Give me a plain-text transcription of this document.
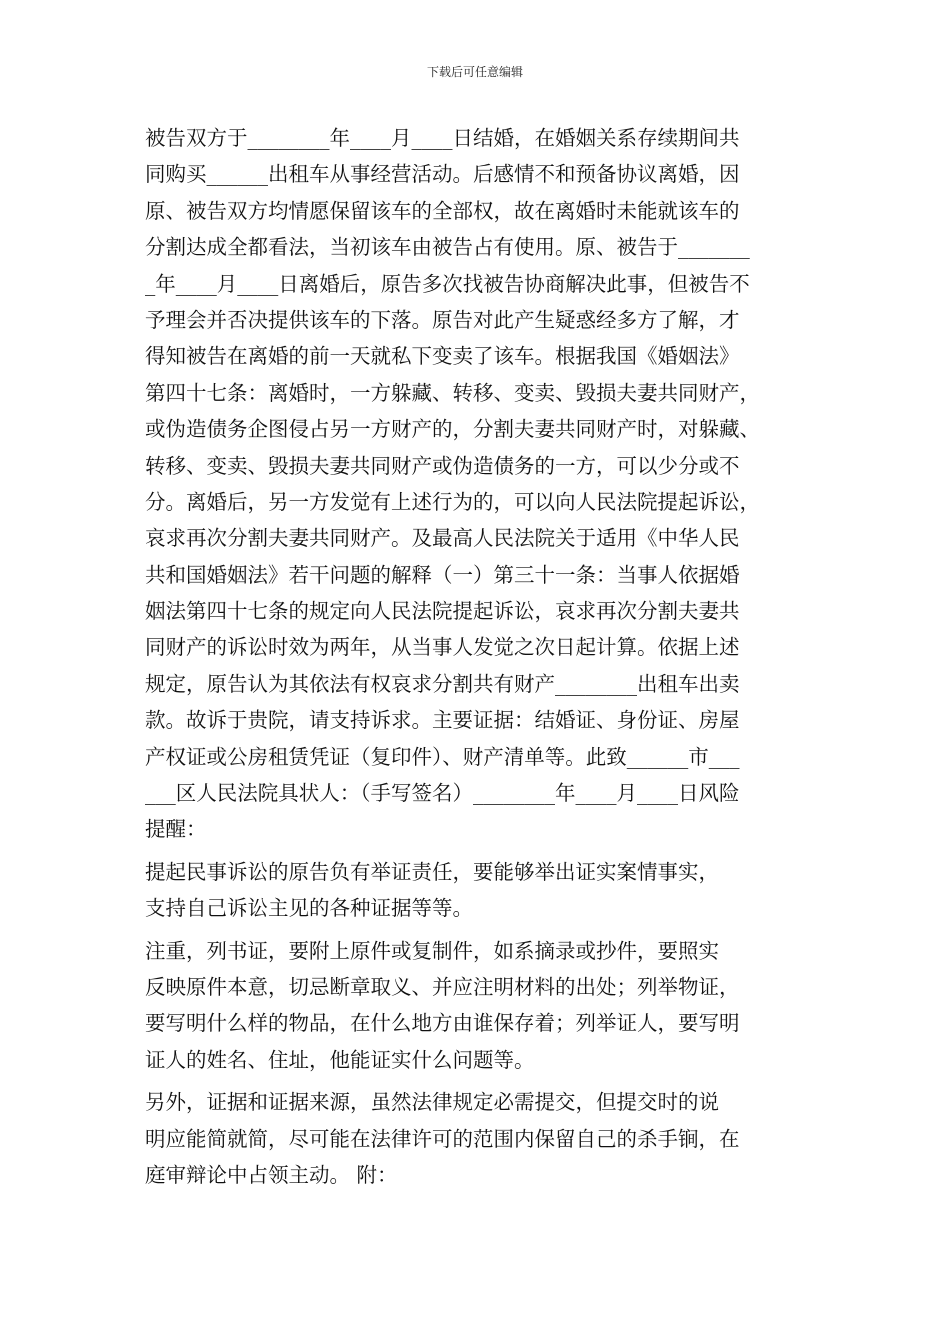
下载后可任意编辑
被告双方于________年____月____日结婚，在婚姻关系存续期间共
同购买______出租车从事经营活动。后感情不和预备协议离婚，因
原、被告双方均情愿保留该车的全部权，故在离婚时未能就该车的
分割达成全都看法，当初该车由被告占有使用。原、被告于_______
_年____月____日离婚后，原告多次找被告协商解决此事，但被告不
予理会并否决提供该车的下落。原告对此产生疑惑经多方了解，才
得知被告在离婚的前一天就私下变卖了该车。根据我国《婚姻法》
第四十七条：离婚时，一方躲藏、转移、变卖、毁损夫妻共同财产，
或伪造债务企图侵占另一方财产的，分割夫妻共同财产时，对躲藏、
转移、变卖、毁损夫妻共同财产或伪造债务的一方，可以少分或不
分。离婚后，另一方发觉有上述行为的，可以向人民法院提起诉讼，
哀求再次分割夫妻共同财产。及最高人民法院关于适用《中华人民
共和国婚姻法》若干问题的解释（一）第三十一条：当事人依据婚
姻法第四十七条的规定向人民法院提起诉讼，哀求再次分割夫妻共
同财产的诉讼时效为两年，从当事人发觉之次日起计算。依据上述
规定，原告认为其依法有权哀求分割共有财产________出租车出卖
款。故诉于贵院，请支持诉求。主要证据：结婚证、身份证、房屋
产权证或公房租赁凭证（复印件）、财产清单等。此致______市___
___区人民法院具状人：（手写签名）________年____月____日风险
提醒：
提起民事诉讼的原告负有举证责任，要能够举出证实案情事实，
支持自己诉讼主见的各种证据等等。
注重，列书证，要附上原件或复制件，如系摘录或抄件，要照实
反映原件本意，切忌断章取义、并应注明材料的出处；列举物证，
要写明什么样的物品，在什么地方由谁保存着；列举证人，要写明
证人的姓名、住址，他能证实什么问题等。
另外，证据和证据来源，虽然法律规定必需提交，但提交时的说
明应能简就简，尽可能在法律许可的范围内保留自己的杀手锏，在
庭审辩论中占领主动。 附：
